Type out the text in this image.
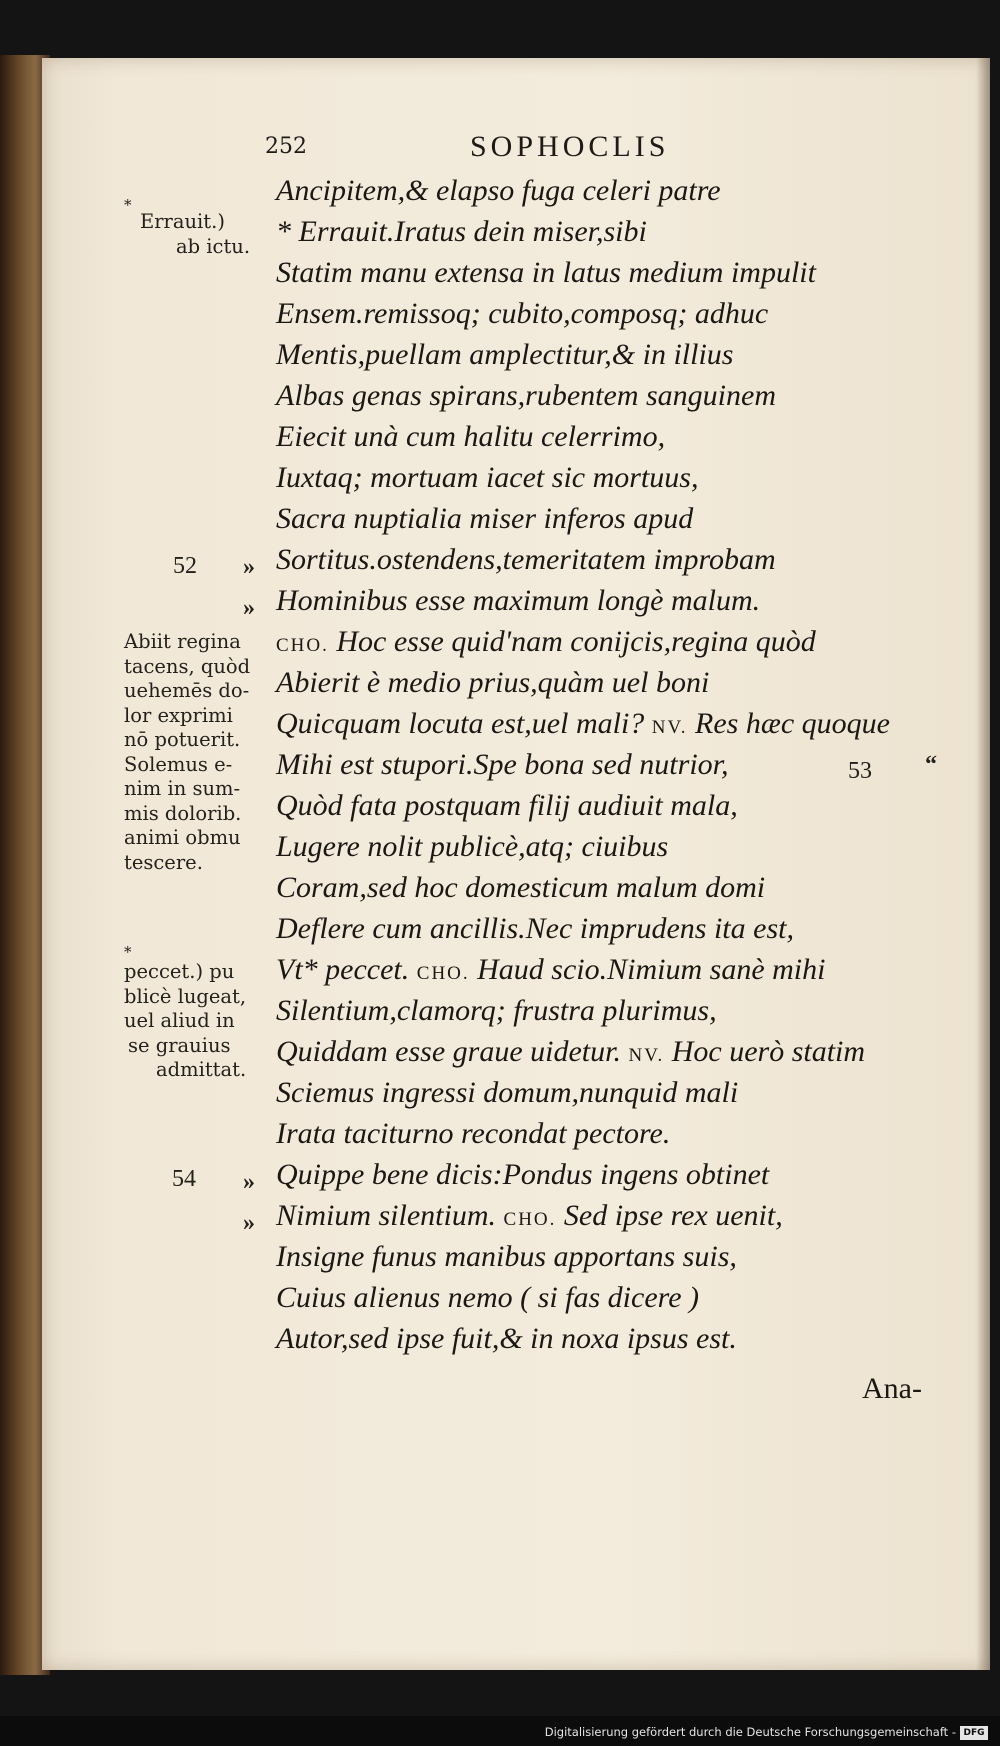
252	SOPHOCLIS
Ancipitem,& elapso fuga celeri patre
* Errauit.Iratus dein miser,sibi
Statim manu extensa in latus medium impulit
Ensem.remissoq; cubito,composq; adhuc
Mentis,puellam amplectitur,& in illius
Albas genas spirans,rubentem sanguinem
Eiecit unà cum halitu celerrimo,
Iuxtaq; mortuam iacet sic mortuus,
Sacra nuptialia miser inferos apud
Sortitus.ostendens,temeritatem improbam
Hominibus esse maximum longè malum.
CHO. Hoc esse quid'nam conijcis,regina quòd
Abierit è medio prius,quàm uel boni
Quicquam locuta est,uel mali? NV. Res hæc quoque
Mihi est stupori.Spe bona sed nutrior,
Quòd fata postquam filij audiuit mala,
Lugere nolit publicè,atq; ciuibus
Coram,sed hoc domesticum malum domi
Deflere cum ancillis.Nec imprudens ita est,
Vt* peccet. CHO. Haud scio.Nimium sanè mihi
Silentium,clamorq; frustra plurimus,
Quiddam esse graue uidetur. NV. Hoc uerò statim
Sciemus ingressi domum,nunquid mali
Irata taciturno recondat pectore.
Quippe bene dicis:Pondus ingens obtinet
Nimium silentium. CHO. Sed ipse rex uenit,
Insigne funus manibus apportans suis,
Cuius alienus nemo ( si fas dicere )
Autor,sed ipse fuit,& in noxa ipsus est.
*
Errauit.)
ab ictu.
52 »
»
Abiit regina
tacens, quòd
uehemēs do-
lor exprimi
nō potuerit.
Solemus e-
nim in sum-
mis dolorib.
animi obmu
tescere.
53 “
*
peccet.) pu
blicè lugeat,
uel aliud in
se grauius
admittat.
54 »
»
Ana-
Digitalisierung gefördert durch die Deutsche Forschungsgemeinschaft - DFG
